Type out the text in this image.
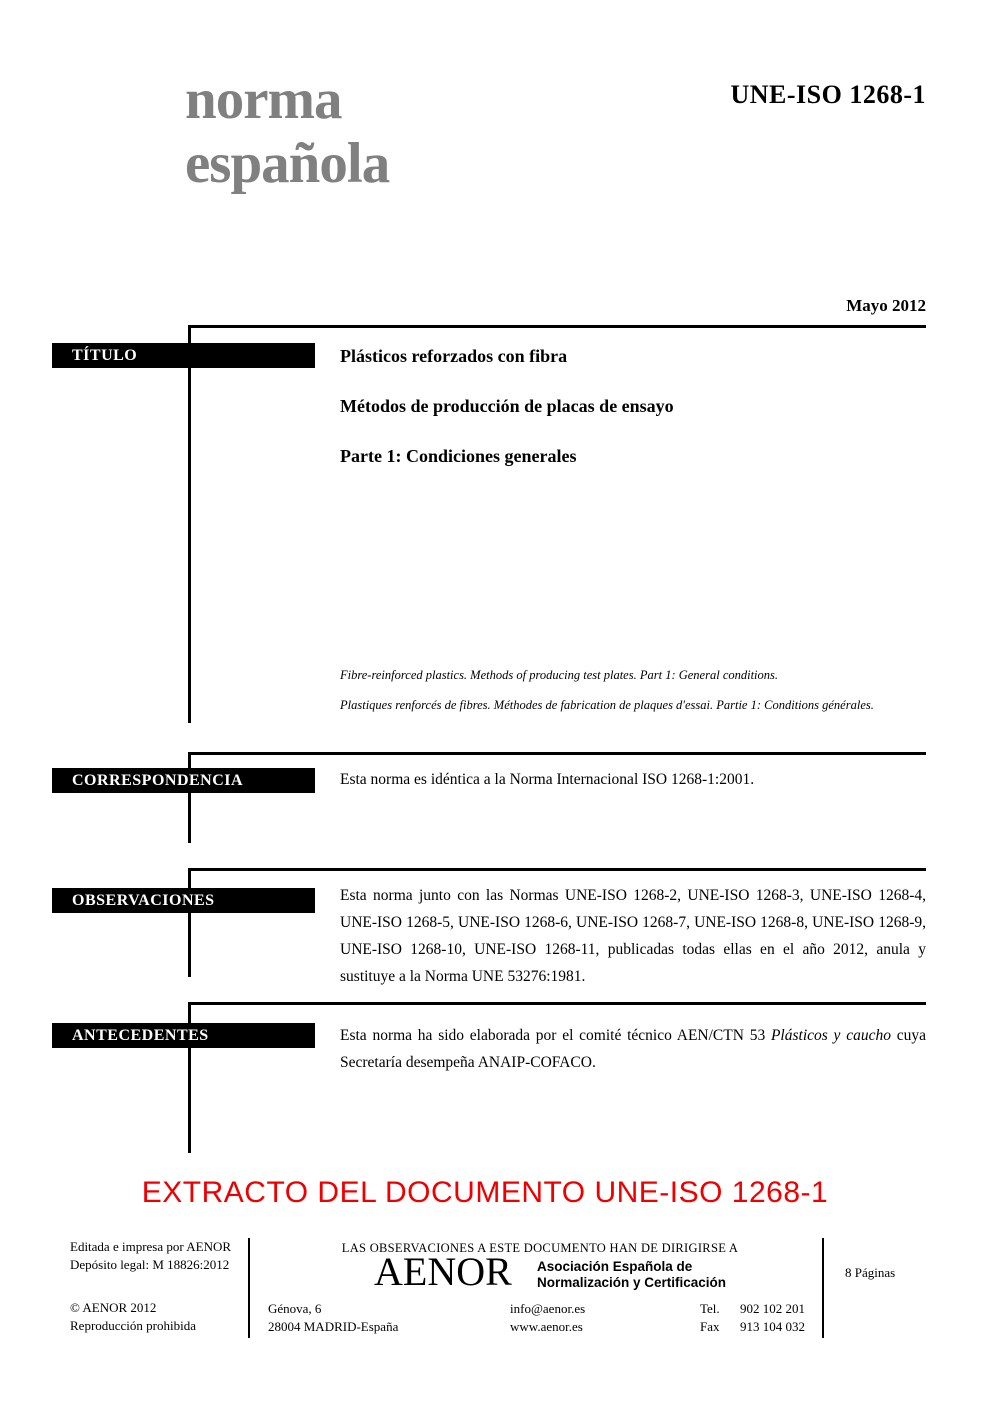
norma
española
UNE-ISO 1268-1
Mayo 2012
TÍTULO	Plásticos reforzados con fibra
Métodos de producción de placas de ensayo
Parte 1: Condiciones generales
Fibre-reinforced plastics. Methods of producing test plates. Part 1: General conditions.
Plastiques renforcés de fibres. Méthodes de fabrication de plaques d'essai. Partie 1: Conditions générales.
CORRESPONDENCIA	Esta norma es idéntica a la Norma Internacional ISO 1268-1:2001.
OBSERVACIONES	Esta norma junto con las Normas UNE-ISO 1268-2, UNE-ISO 1268-3, UNE-ISO 1268-4, UNE-ISO 1268-5, UNE-ISO 1268-6, UNE-ISO 1268-7, UNE-ISO 1268-8, UNE-ISO 1268-9, UNE-ISO 1268-10, UNE-ISO 1268-11, publicadas todas ellas en el año 2012, anula y sustituye a la Norma UNE 53276:1981.
ANTECEDENTES	Esta norma ha sido elaborada por el comité técnico AEN/CTN 53 Plásticos y caucho cuya Secretaría desempeña ANAIP-COFACO.
EXTRACTO DEL DOCUMENTO UNE-ISO 1268-1
Editada e impresa por AENOR
Depósito legal: M 18826:2012
© AENOR 2012
Reproducción prohibida
LAS OBSERVACIONES A ESTE DOCUMENTO HAN DE DIRIGIRSE A
AENOR Asociación Española de
Normalización y Certificación
Génova, 6
28004 MADRID-España
info@aenor.es
www.aenor.es
Tel. 902 102 201
Fax 913 104 032
8 Páginas
